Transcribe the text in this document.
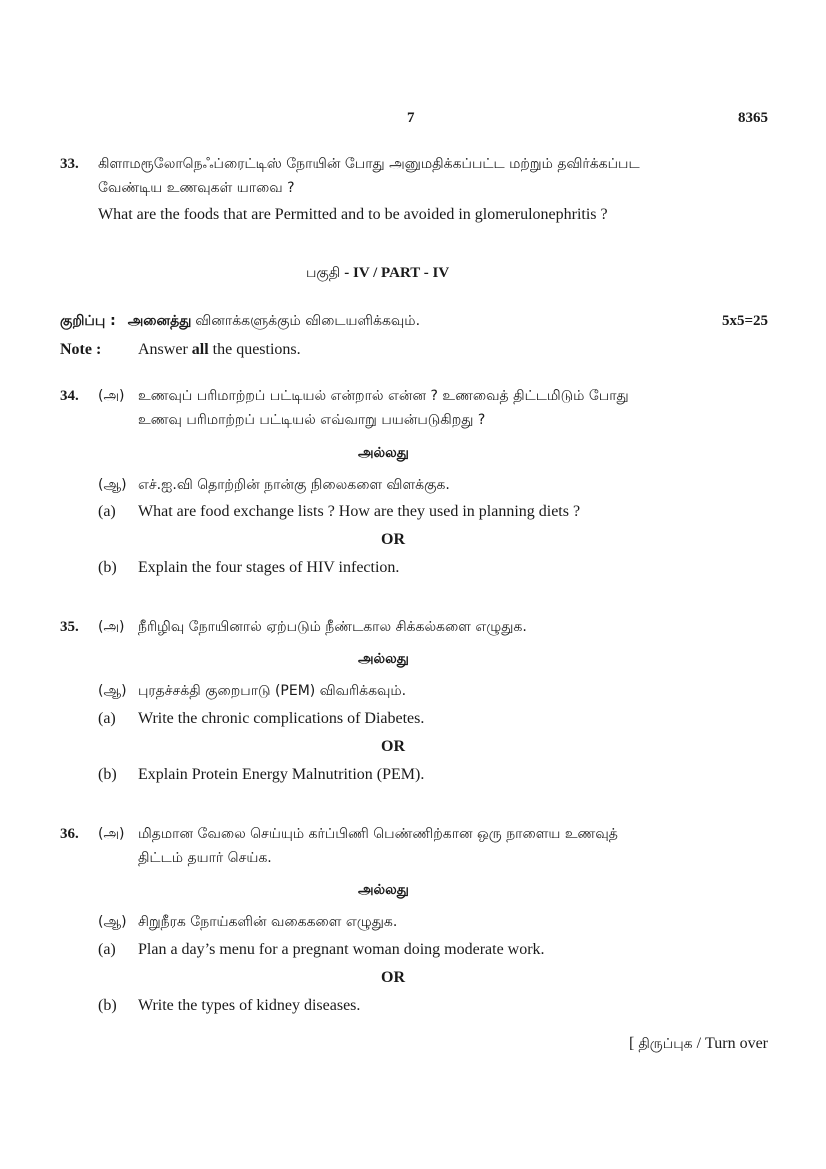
7	8365
33. கிளாமரூலோநெஃப்ரைட்டிஸ் நோயின் போது அனுமதிக்கப்பட்ட மற்றும் தவிர்க்கப்பட
வேண்டிய உணவுகள் யாவை ?
What are the foods that are Permitted and to be avoided in glomerulonephritis ?
பகுதி - IV / PART - IV
குறிப்பு : அனைத்து வினாக்களுக்கும் விடையளிக்கவும்.	5x5=25
Note : Answer all the questions.
34. (அ) உணவுப் பரிமாற்றப் பட்டியல் என்றால் என்ன ? உணவைத் திட்டமிடும் போது
உணவு பரிமாற்றப் பட்டியல் எவ்வாறு பயன்படுகிறது ?
அல்லது
(ஆ) எச்.ஐ.வி தொற்றின் நான்கு நிலைகளை விளக்குக.
(a) What are food exchange lists ? How are they used in planning diets ?
OR
(b) Explain the four stages of HIV infection.
35. (அ) நீரிழிவு நோயினால் ஏற்படும் நீண்டகால சிக்கல்களை எழுதுக.
அல்லது
(ஆ) புரதச்சக்தி குறைபாடு (PEM) விவரிக்கவும்.
(a) Write the chronic complications of Diabetes.
OR
(b) Explain Protein Energy Malnutrition (PEM).
36. (அ) மிதமான வேலை செய்யும் கர்ப்பிணி பெண்ணிற்கான ஒரு நாளைய உணவுத்
திட்டம் தயார் செய்க.
அல்லது
(ஆ) சிறுநீரக நோய்களின் வகைகளை எழுதுக.
(a) Plan a day’s menu for a pregnant woman doing moderate work.
OR
(b) Write the types of kidney diseases.
[ திருப்புக / Turn over
